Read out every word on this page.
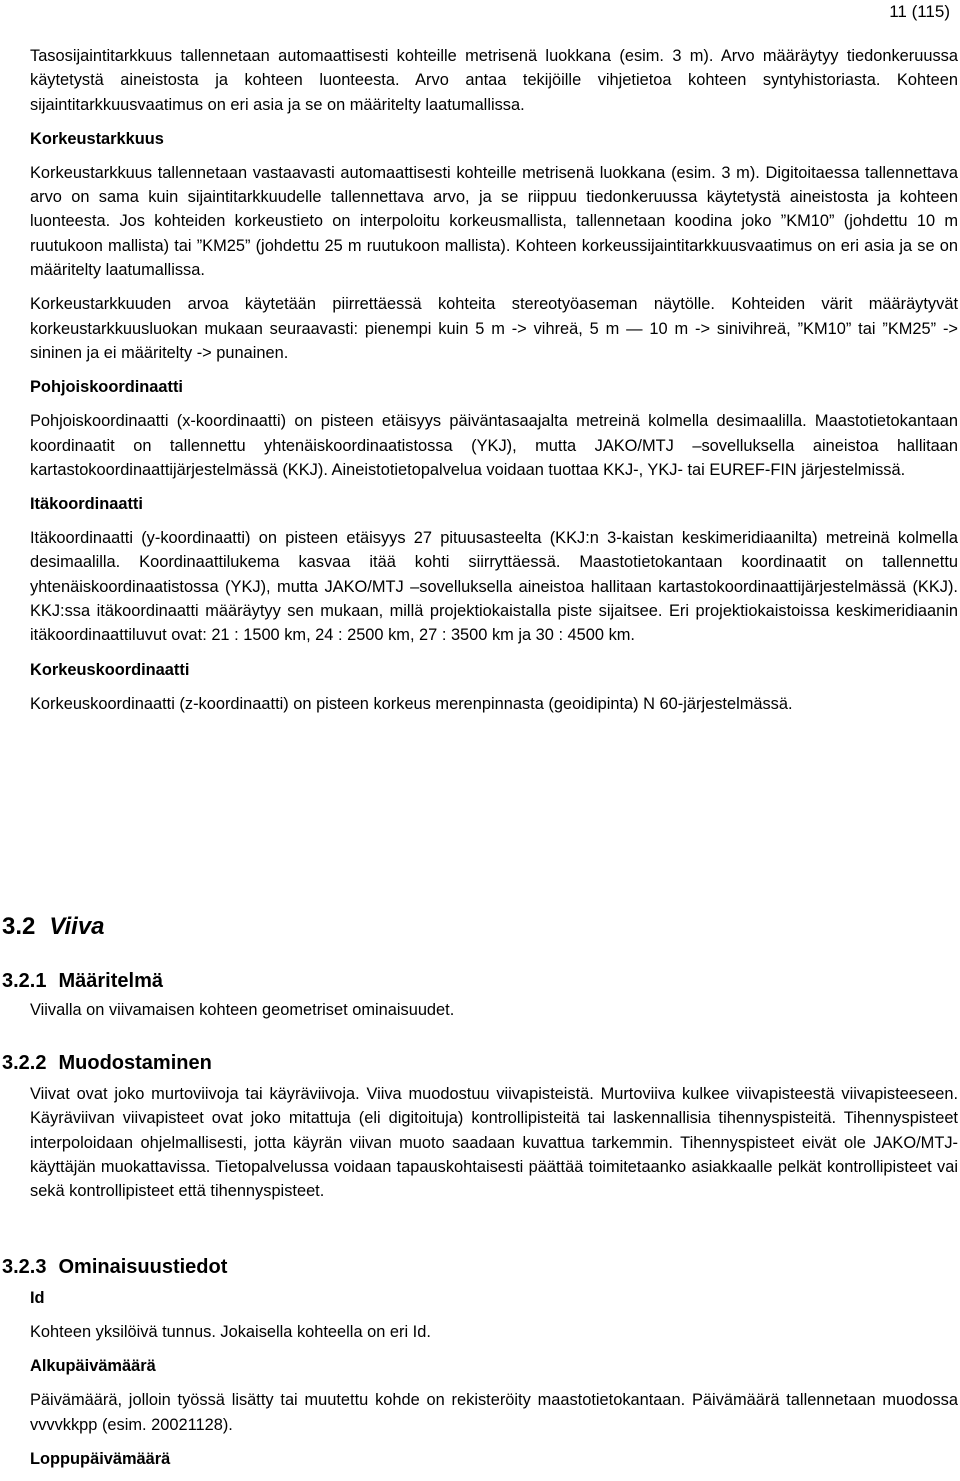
11 (115)

Tasosijaintitarkkuus tallennetaan automaattisesti kohteille metrisenä luokkana (esim. 3 m). Arvo määräytyy tiedonkeruussa käytetystä aineistosta ja kohteen luonteesta. Arvo antaa tekijöille vihjetietoa kohteen syntyhistoriasta. Kohteen sijaintitarkkuusvaatimus on eri asia ja se on määritelty laatumallissa.

Korkeustarkkuus

Korkeustarkkuus tallennetaan vastaavasti automaattisesti kohteille metrisenä luokkana (esim. 3 m). Digitoitaessa tallennettava arvo on sama kuin sijaintitarkkuudelle tallennettava arvo, ja se riippuu tiedonkeruussa käytetystä aineistosta ja kohteen luonteesta. Jos kohteiden korkeustieto on interpoloitu korkeusmallista, tallennetaan koodina joko ”KM10” (johdettu 10 m ruutukoon mallista) tai ”KM25” (johdettu 25 m ruutukoon mallista). Kohteen korkeussijaintitarkkuusvaatimus on eri asia ja se on määritelty laatumallissa.

Korkeustarkkuuden arvoa käytetään piirrettäessä kohteita stereotyöaseman näytölle. Kohteiden värit määräytyvät korkeustarkkuusluokan mukaan seuraavasti: pienempi kuin 5 m -> vihreä, 5 m — 10 m -> sinivihreä, ”KM10” tai ”KM25” -> sininen ja ei määritelty -> punainen.

Pohjoiskoordinaatti

Pohjoiskoordinaatti (x-koordinaatti) on pisteen etäisyys päiväntasaajalta metreinä kolmella desimaalilla. Maastotietokantaan koordinaatit on tallennettu yhtenäiskoordinaatistossa (YKJ), mutta JAKO/MTJ –sovelluksella aineistoa hallitaan kartastokoordinaattijärjestelmässä (KKJ). Aineistotietopalvelua voidaan tuottaa KKJ-, YKJ- tai EUREF-FIN järjestelmissä.

Itäkoordinaatti

Itäkoordinaatti (y-koordinaatti) on pisteen etäisyys 27 pituusasteelta (KKJ:n 3-kaistan keskimeridiaanilta) metreinä kolmella desimaalilla. Koordinaattilukema kasvaa itää kohti siirryttäessä. Maastotietokantaan koordinaatit on tallennettu yhtenäiskoordinaatistossa (YKJ), mutta JAKO/MTJ –sovelluksella aineistoa hallitaan kartastokoordinaattijärjestelmässä (KKJ). KKJ:ssa itäkoordinaatti määräytyy sen mukaan, millä projektiokaistalla piste sijaitsee. Eri projektiokaistoissa keskimeridiaanin itäkoordinaattiluvut ovat: 21 : 1500 km, 24 : 2500 km, 27 : 3500 km ja 30 : 4500 km.

Korkeuskoordinaatti

Korkeuskoordinaatti (z-koordinaatti) on pisteen korkeus merenpinnasta (geoidipinta) N 60-järjestelmässä.

3.2 Viiva
3.2.1 Määritelmä

Viivalla on viivamaisen kohteen geometriset ominaisuudet.

3.2.2 Muodostaminen

Viivat ovat joko murtoviivoja tai käyräviivoja. Viiva muodostuu viivapisteistä. Murtoviiva kulkee viivapisteestä viivapisteeseen. Käyräviivan viivapisteet ovat joko mitattuja (eli digitoituja) kontrollipisteitä tai laskennallisia tihennyspisteitä. Tihennyspisteet interpoloidaan ohjelmallisesti, jotta käyrän viivan muoto saadaan kuvattua tarkemmin. Tihennyspisteet eivät ole JAKO/MTJ-käyttäjän muokattavissa. Tietopalvelussa voidaan tapauskohtaisesti päättää toimitetaanko asiakkaalle pelkät kontrollipisteet vai sekä kontrollipisteet että tihennyspisteet.

3.2.3 Ominaisuustiedot
Id

Kohteen yksilöivä tunnus. Jokaisella kohteella on eri Id.

Alkupäivämäärä

Päivämäärä, jolloin työssä lisätty tai muutettu kohde on rekisteröity maastotietokantaan. Päivämäärä tallennetaan muodossa vvvvkkpp (esim. 20021128).

Loppupäivämäärä
